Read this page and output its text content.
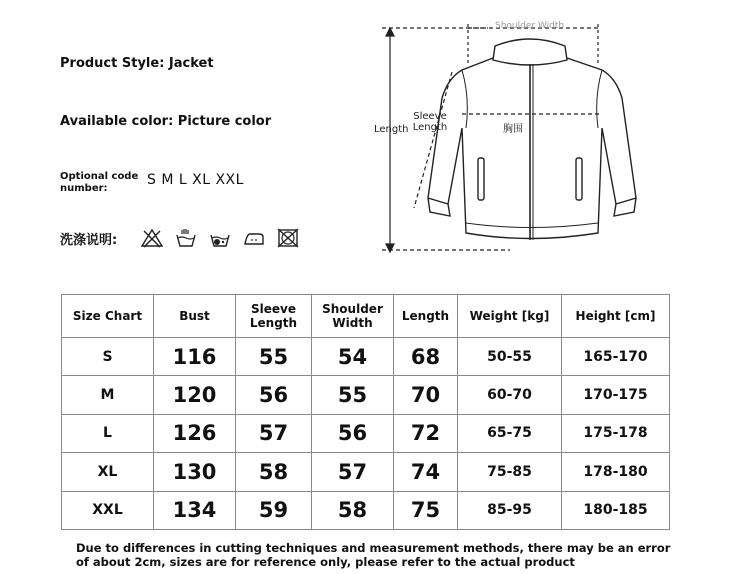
Product Style: Jacket
Available color: Picture color
Optional code number:
S M L XL XXL
洗涤说明:
Shoulder Width
Length
Sleeve Length	胸围
Size Chart	Bust	Sleeve Length	Shoulder Width	Length	Weight [kg]	Height [cm]
S	116	55	54	68	50-55	165-170
M	120	56	55	70	60-70	170-175
L	126	57	56	72	65-75	175-178
XL	130	58	57	74	75-85	178-180
XXL	134	59	58	75	85-95	180-185
Due to differences in cutting techniques and measurement methods, there may be an error of about 2cm, sizes are for reference only, please refer to the actual product
